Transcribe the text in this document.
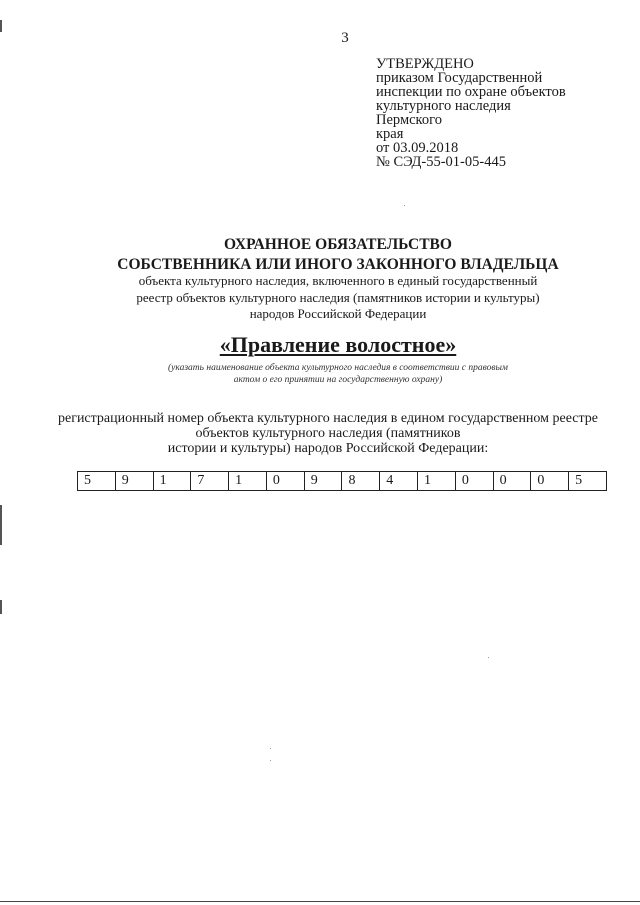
3
УТВЕРЖДЕНО
приказом Государственной
инспекции по охране объектов
культурного наследия
Пермского
края
от 03.09.2018
№ СЭД-55-01-05-445
ОХРАННОЕ ОБЯЗАТЕЛЬСТВО
СОБСТВЕННИКА ИЛИ ИНОГО ЗАКОННОГО ВЛАДЕЛЬЦА
объекта культурного наследия, включенного в единый государственный
реестр объектов культурного наследия (памятников истории и культуры)
народов Российской Федерации
«Правление волостное»
(указать наименование объекта культурного наследия в соответствии с правовым
актом о его принятии на государственную охрану)
регистрационный номер объекта культурного наследия в едином государственном реестре
объектов культурного наследия (памятников
истории и культуры) народов Российской Федерации:
5	9	1	7	1	0	9	8	4	1	0	0	0	5
